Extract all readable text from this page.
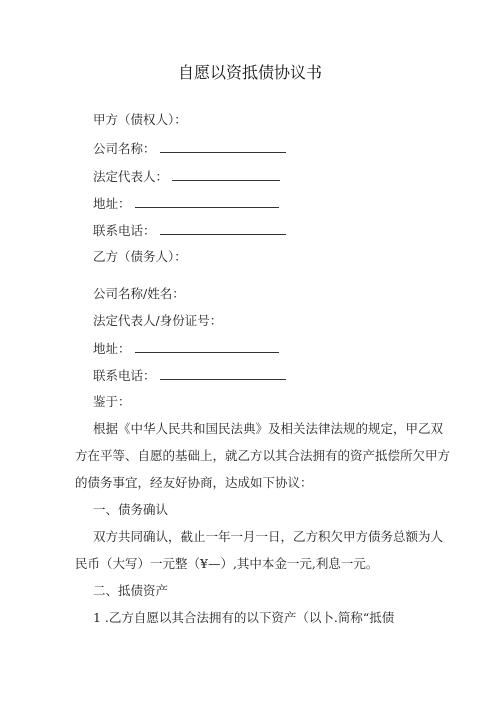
自愿以资抵债协议书
甲方（债权人）：
公司名称：
法定代表人：
地址：
联系电话：
乙方（债务人）：
公司名称/姓名：
法定代表人/身份证号：
地址：
联系电话：
鉴于：
根据《中华人民共和国民法典》及相关法律法规的规定，甲乙双
方在平等、自愿的基础上，就乙方以其合法拥有的资产抵偿所欠甲方
的债务事宜，经友好协商，达成如下协议：
一、债务确认
双方共同确认，截止一年一月一日，乙方积欠甲方债务总额为人
民币（大写）一元整（¥—）,其中本金一元,利息一元。
二、抵债资产
1 .乙方自愿以其合法拥有的以下资产（以卜.简称“抵债
